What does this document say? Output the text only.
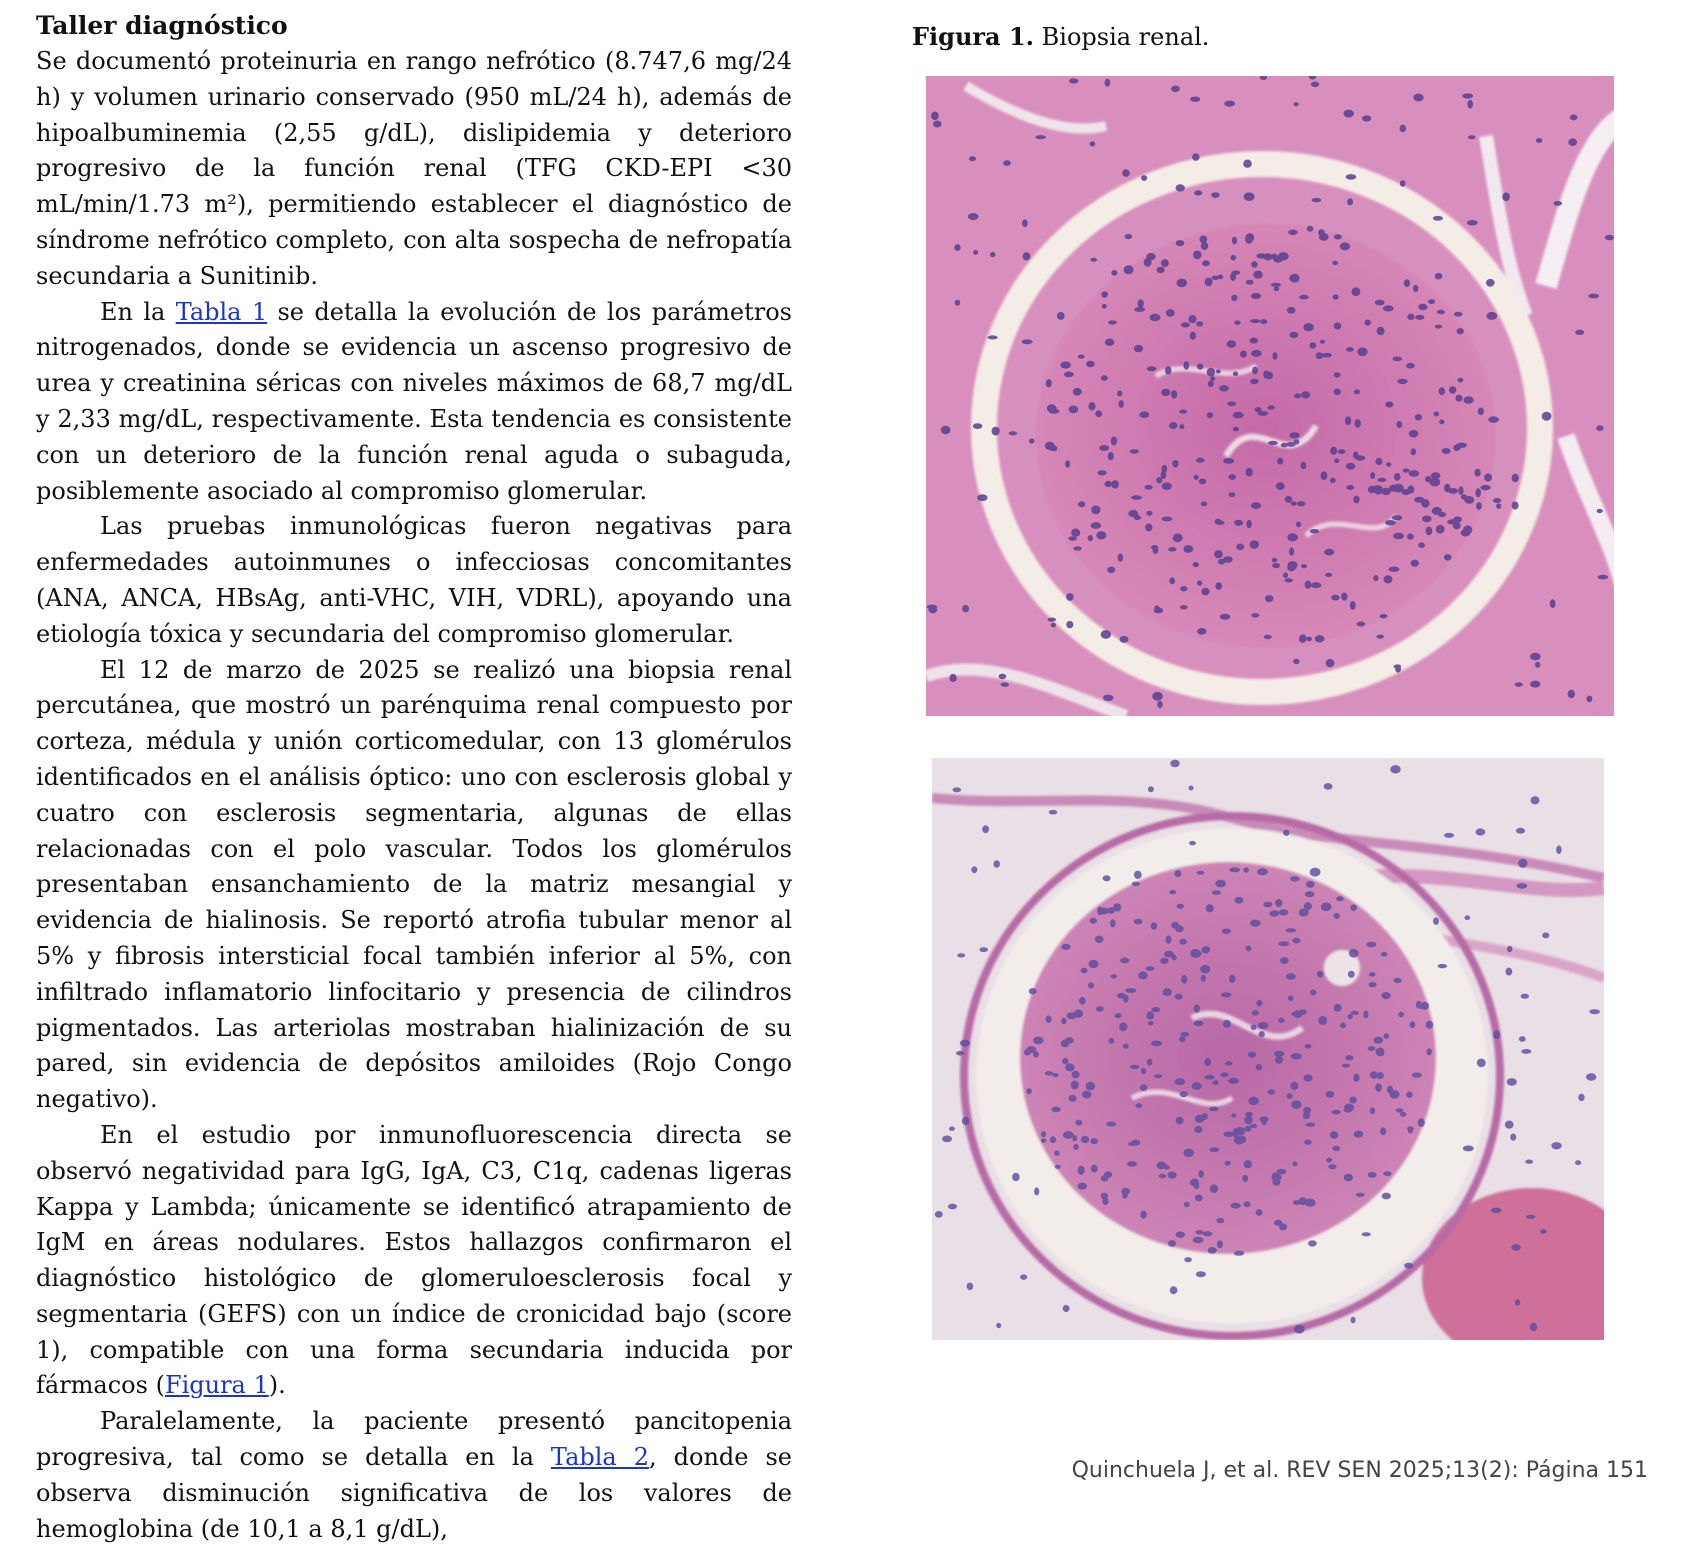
Taller diagnóstico

Se documentó proteinuria en rango nefrótico (8.747,6 mg/24 h) y volumen urinario conservado (950 mL/24 h), además de hipoalbuminemia (2,55 g/dL), dislipidemia y deterioro progresivo de la función renal (TFG CKD-EPI <30 mL/min/1.73 m²), permitiendo establecer el diagnóstico de síndrome nefrótico completo, con alta sospecha de nefropatía secundaria a Sunitinib.

En la Tabla 1 se detalla la evolución de los parámetros nitrogenados, donde se evidencia un ascenso progresivo de urea y creatinina séricas con niveles máximos de 68,7 mg/dL y 2,33 mg/dL, respectivamente. Esta tendencia es consistente con un deterioro de la función renal aguda o subaguda, posiblemente asociado al compromiso glomerular.

Las pruebas inmunológicas fueron negativas para enfermedades autoinmunes o infecciosas concomitantes (ANA, ANCA, HBsAg, anti-VHC, VIH, VDRL), apoyando una etiología tóxica y secundaria del compromiso glomerular.

El 12 de marzo de 2025 se realizó una biopsia renal percutánea, que mostró un parénquima renal compuesto por corteza, médula y unión corticomedular, con 13 glomérulos identificados en el análisis óptico: uno con esclerosis global y cuatro con esclerosis segmentaria, algunas de ellas relacionadas con el polo vascular. Todos los glomérulos presentaban ensanchamiento de la matriz mesangial y evidencia de hialinosis. Se reportó atrofia tubular menor al 5% y fibrosis intersticial focal también inferior al 5%, con infiltrado inflamatorio linfocitario y presencia de cilindros pigmentados. Las arteriolas mostraban hialinización de su pared, sin evidencia de depósitos amiloides (Rojo Congo negativo).

En el estudio por inmunofluorescencia directa se observó negatividad para IgG, IgA, C3, C1q, cadenas ligeras Kappa y Lambda; únicamente se identificó atrapamiento de IgM en áreas nodulares. Estos hallazgos confirmaron el diagnóstico histológico de glomeruloesclerosis focal y segmentaria (GEFS) con un índice de cronicidad bajo (score 1), compatible con una forma secundaria inducida por fármacos (Figura 1).

Paralelamente, la paciente presentó pancitopenia progresiva, tal como se detalla en la Tabla 2, donde se observa disminución significativa de los valores de hemoglobina (de 10,1 a 8,1 g/dL),

Figura 1. Biopsia renal.
Quinchuela J, et al. REV SEN 2025;13(2): Página 151
